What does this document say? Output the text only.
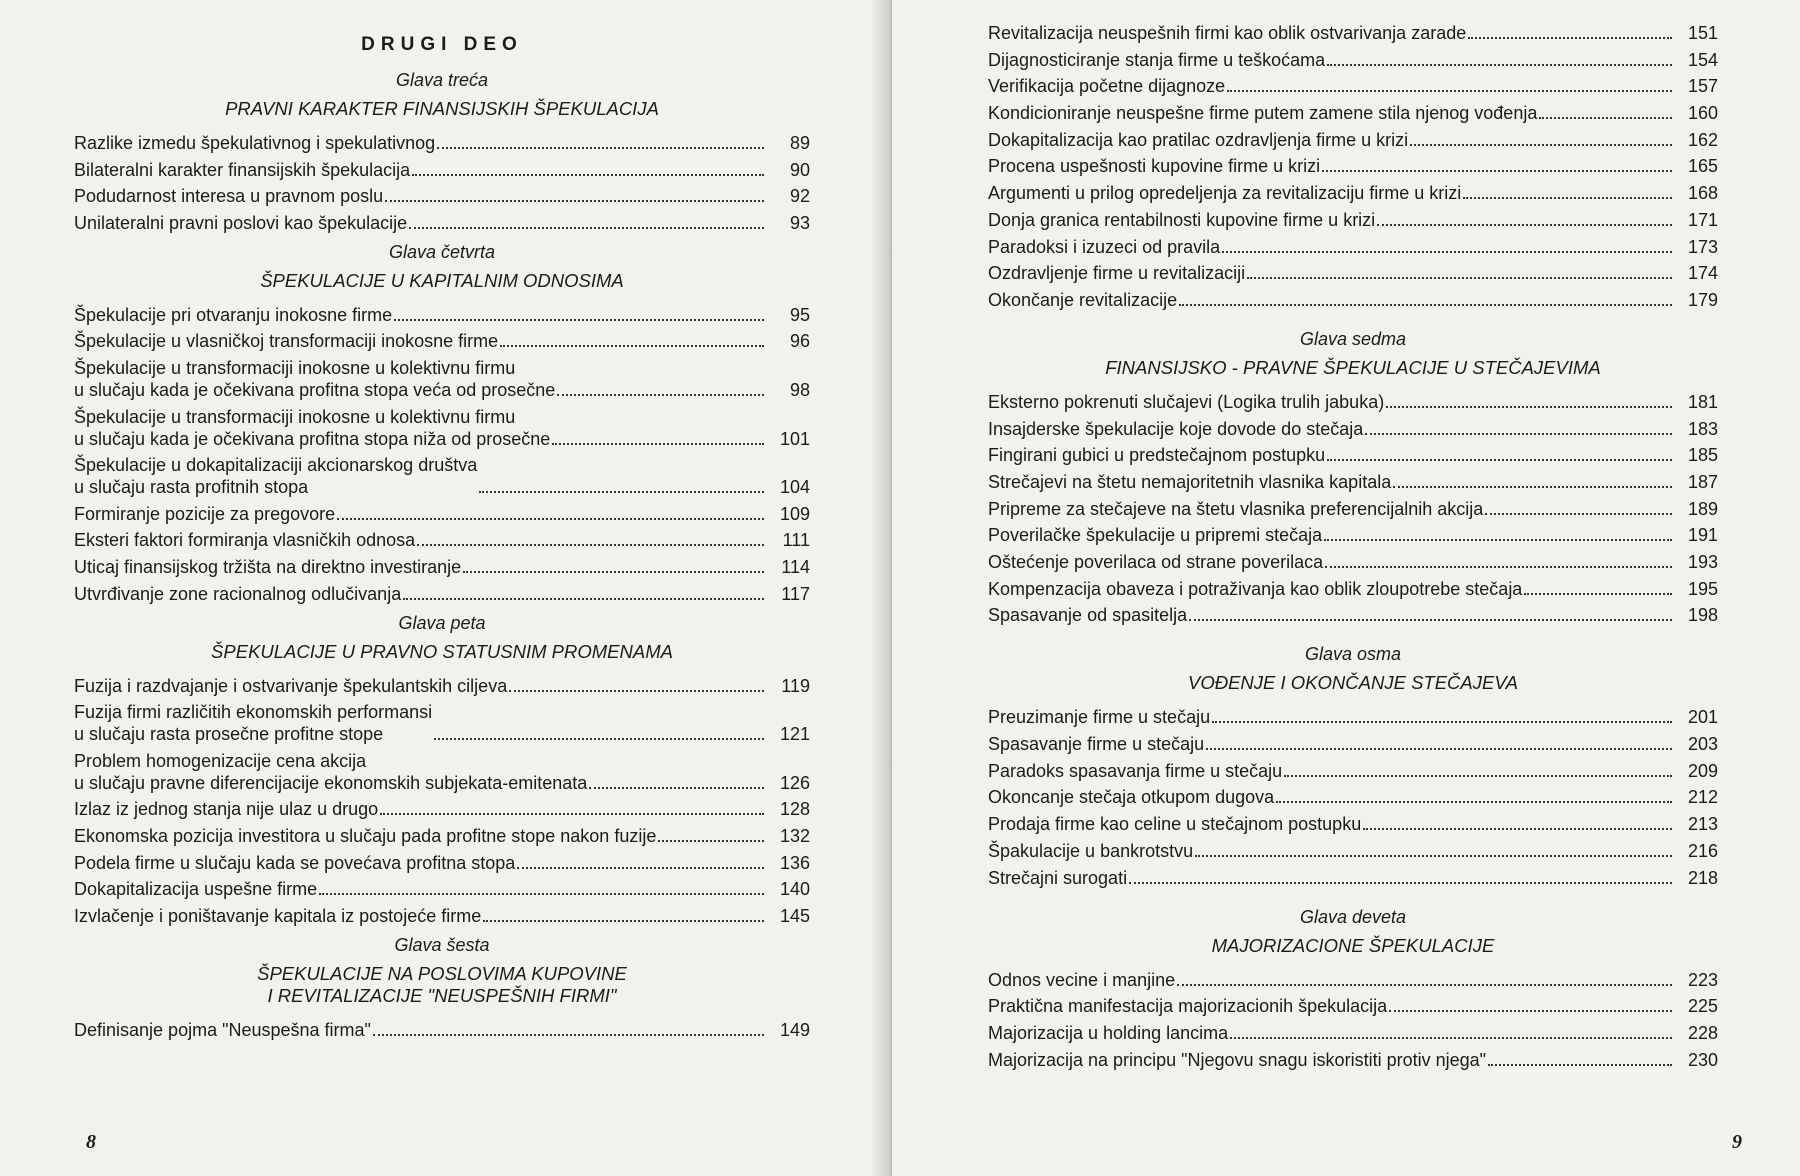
DRUGI DEO
Glava treća
PRAVNI KARAKTER FINANSIJSKIH ŠPEKULACIJA
Razlike izmedu špekulativnog i spekulativnog	89
Bilateralni karakter finansijskih špekulacija	90
Podudarnost interesa u pravnom poslu	92
Unilateralni pravni poslovi kao špekulacije	93
Glava četvrta
ŠPEKULACIJE U KAPITALNIM ODNOSIMA
Špekulacije pri otvaranju inokosne firme	95
Špekulacije u vlasničkoj transformaciji inokosne firme	96
Špekulacije u transformaciji inokosne u kolektivnu firmu
u slučaju kada je očekivana profitna stopa veća od prosečne	98
Špekulacije u transformaciji inokosne u kolektivnu firmu
u slučaju kada je očekivana profitna stopa niža od prosečne	101
Špekulacije u dokapitalizaciji akcionarskog društva
u slučaju rasta profitnih stopa	104
Formiranje pozicije za pregovore	109
Eksteri faktori formiranja vlasničkih odnosa	111
Uticaj finansijskog tržišta na direktno investiranje	114
Utvrđivanje zone racionalnog odlučivanja	117
Glava peta
ŠPEKULACIJE U PRAVNO STATUSNIM PROMENAMA
Fuzija i razdvajanje i ostvarivanje špekulantskih ciljeva	119
Fuzija firmi različitih ekonomskih performansi
u slučaju rasta prosečne profitne stope	121
Problem homogenizacije cena akcija
u slučaju pravne diferencijacije ekonomskih subjekata-emitenata	126
Izlaz iz jednog stanja nije ulaz u drugo	128
Ekonomska pozicija investitora u slučaju pada profitne stope nakon fuzije	132
Podela firme u slučaju kada se povećava profitna stopa	136
Dokapitalizacija uspešne firme	140
Izvlačenje i poništavanje kapitala iz postojeće firme	145
Glava šesta
ŠPEKULACIJE NA POSLOVIMA KUPOVINE
I REVITALIZACIJE "NEUSPEŠNIH FIRMI"
Definisanje pojma "Neuspešna firma"	149
8
Revitalizacija neuspešnih firmi kao oblik ostvarivanja zarade	151
Dijagnosticiranje stanja firme u teškoćama	154
Verifikacija početne dijagnoze	157
Kondicioniranje neuspešne firme putem zamene stila njenog vođenja	160
Dokapitalizacija kao pratilac ozdravljenja firme u krizi	162
Procena uspešnosti kupovine firme u krizi	165
Argumenti u prilog opredeljenja za revitalizaciju firme u krizi	168
Donja granica rentabilnosti kupovine firme u krizi	171
Paradoksi i izuzeci od pravila	173
Ozdravljenje firme u revitalizaciji	174
Okončanje revitalizacije	179
Glava sedma
FINANSIJSKO - PRAVNE ŠPEKULACIJE U STEČAJEVIMA
Eksterno pokrenuti slučajevi (Logika trulih jabuka)	181
Insajderske špekulacije koje dovode do stečaja	183
Fingirani gubici u predstečajnom postupku	185
Strečajevi na štetu nemajoritetnih vlasnika kapitala	187
Pripreme za stečajeve na štetu vlasnika preferencijalnih akcija	189
Poverilačke špekulacije u pripremi stečaja	191
Oštećenje poverilaca od strane poverilaca	193
Kompenzacija obaveza i potraživanja kao oblik zloupotrebe stečaja	195
Spasavanje od spasitelja	198
Glava osma
VOĐENJE I OKONČANJE STEČAJEVA
Preuzimanje firme u stečaju	201
Spasavanje firme u stečaju	203
Paradoks spasavanja firme u stečaju	209
Okoncanje stečaja otkupom dugova	212
Prodaja firme kao celine u stečajnom postupku	213
Špakulacije u bankrotstvu	216
Strečajni surogati	218
Glava deveta
MAJORIZACIONE ŠPEKULACIJE
Odnos vecine i manjine	223
Praktična manifestacija majorizacionih špekulacija	225
Majorizacija u holding lancima	228
Majorizacija na principu "Njegovu snagu iskoristiti protiv njega"	230
9
